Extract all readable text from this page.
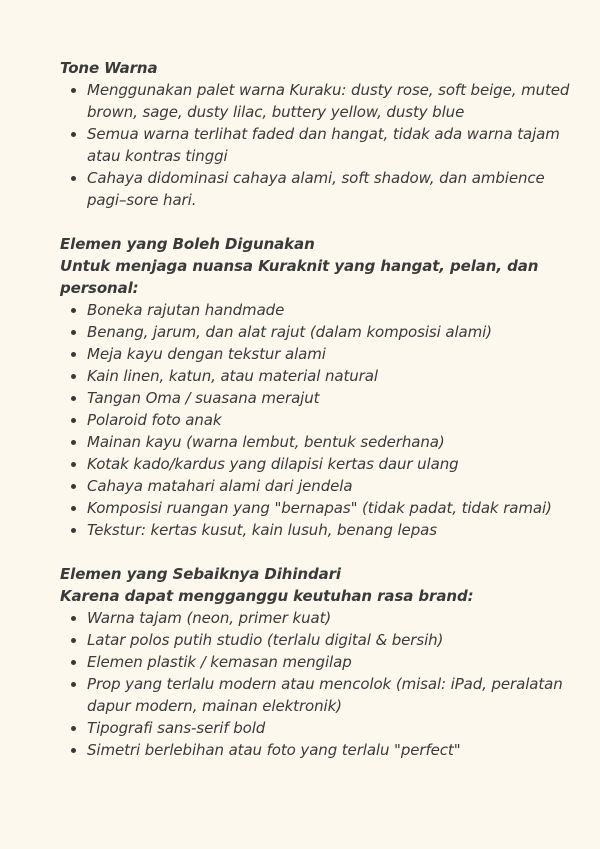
Tone Warna

Menggunakan palet warna Kuraku: dusty rose, soft beige, muted brown, sage, dusty lilac, buttery yellow, dusty blue
Semua warna terlihat faded dan hangat, tidak ada warna tajam atau kontras tinggi
Cahaya didominasi cahaya alami, soft shadow, dan ambience pagi–sore hari.

Elemen yang Boleh Digunakan

Untuk menjaga nuansa Kuraknit yang hangat, pelan, dan personal:

Boneka rajutan handmade
Benang, jarum, dan alat rajut (dalam komposisi alami)
Meja kayu dengan tekstur alami
Kain linen, katun, atau material natural
Tangan Oma / suasana merajut
Polaroid foto anak
Mainan kayu (warna lembut, bentuk sederhana)
Kotak kado/kardus yang dilapisi kertas daur ulang
Cahaya matahari alami dari jendela
Komposisi ruangan yang "bernapas" (tidak padat, tidak ramai)
Tekstur: kertas kusut, kain lusuh, benang lepas

Elemen yang Sebaiknya Dihindari

Karena dapat mengganggu keutuhan rasa brand:

Warna tajam (neon, primer kuat)
Latar polos putih studio (terlalu digital & bersih)
Elemen plastik / kemasan mengilap
Prop yang terlalu modern atau mencolok (misal: iPad, peralatan dapur modern, mainan elektronik)
Tipografi sans-serif bold
Simetri berlebihan atau foto yang terlalu "perfect"
